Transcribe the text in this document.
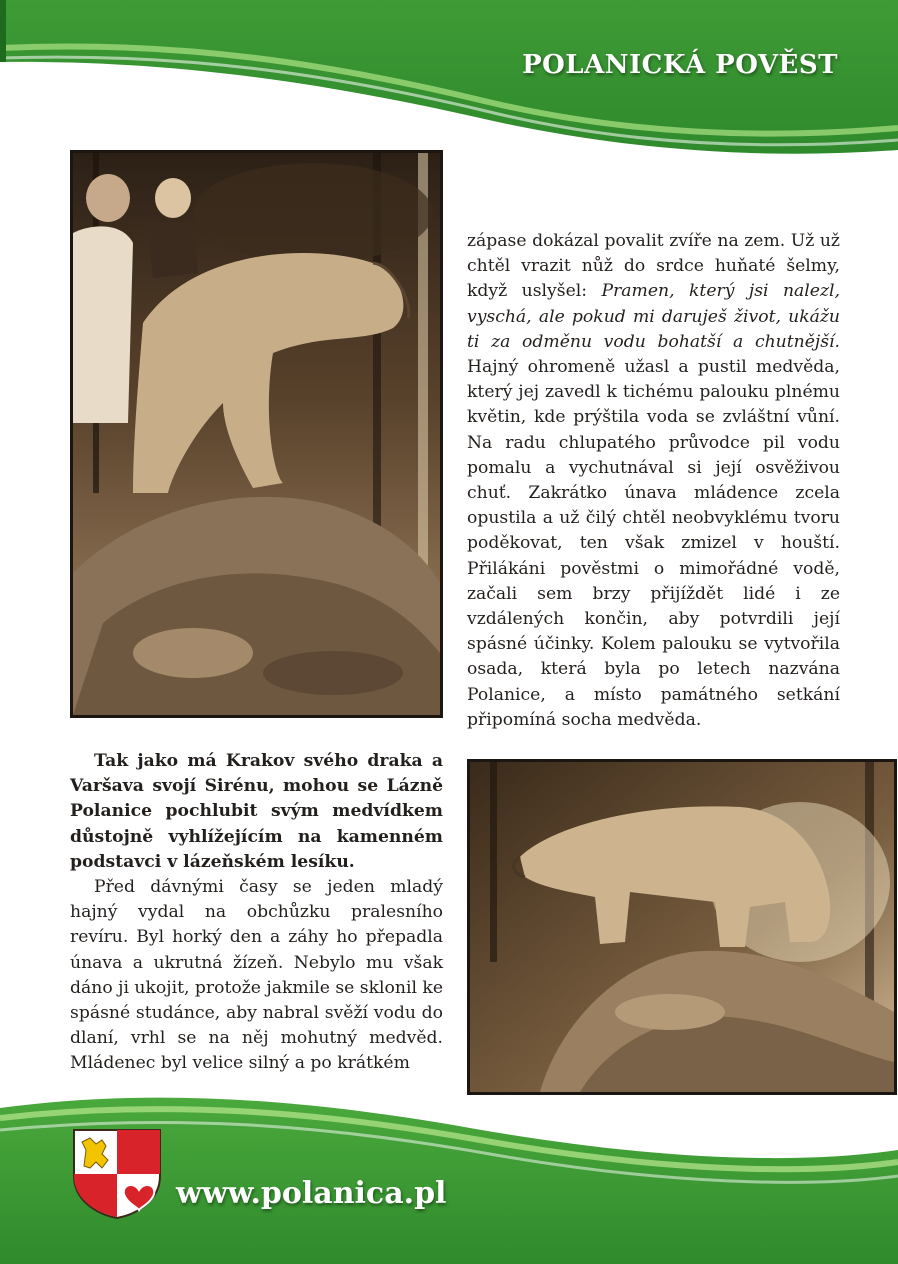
POLANICKÁ POVĚST

zápase dokázal povalit zvíře na zem. Už už chtěl vrazit nůž do srdce huňaté šelmy, když uslyšel: Pramen, který jsi nalezl, vyschá, ale pokud mi daruješ život, ukážu ti za odměnu vodu bohatší a chutnější. Hajný ohromeně užasl a pustil medvěda, který jej zavedl k tichému palouku plnému květin, kde prýštila voda se zvláštní vůní. Na radu chlupatého průvodce pil vodu pomalu a vychutnával si její osvěživou chuť. Zakrátko únava mládence zcela opustila a už čilý chtěl neobvyklému tvoru poděkovat, ten však zmizel v houští. Přilákáni pověstmi o mimořádné vodě, začali sem brzy přijíždět lidé i ze vzdálených končin, aby potvrdili její spásné účinky. Kolem palouku se vytvořila osada, která byla po letech nazvána Polanice, a místo památného setkání připomíná socha medvěda.

Tak jako má Krakov svého draka a Varšava svojí Sirénu, mohou se Lázně Polanice pochlubit svým medvídkem důstojně vyhlížejícím na kamenném podstavci v lázeňském lesíku.

Před dávnými časy se jeden mladý hajný vydal na obchůzku pralesního revíru. Byl horký den a záhy ho přepadla únava a ukrutná žízeň. Nebylo mu však dáno ji ukojit, protože jakmile se sklonil ke spásné studánce, aby nabral svěží vodu do dlaní, vrhl se na něj mohutný medvěd. Mládenec byl velice silný a po krátkém

www.polanica.pl
